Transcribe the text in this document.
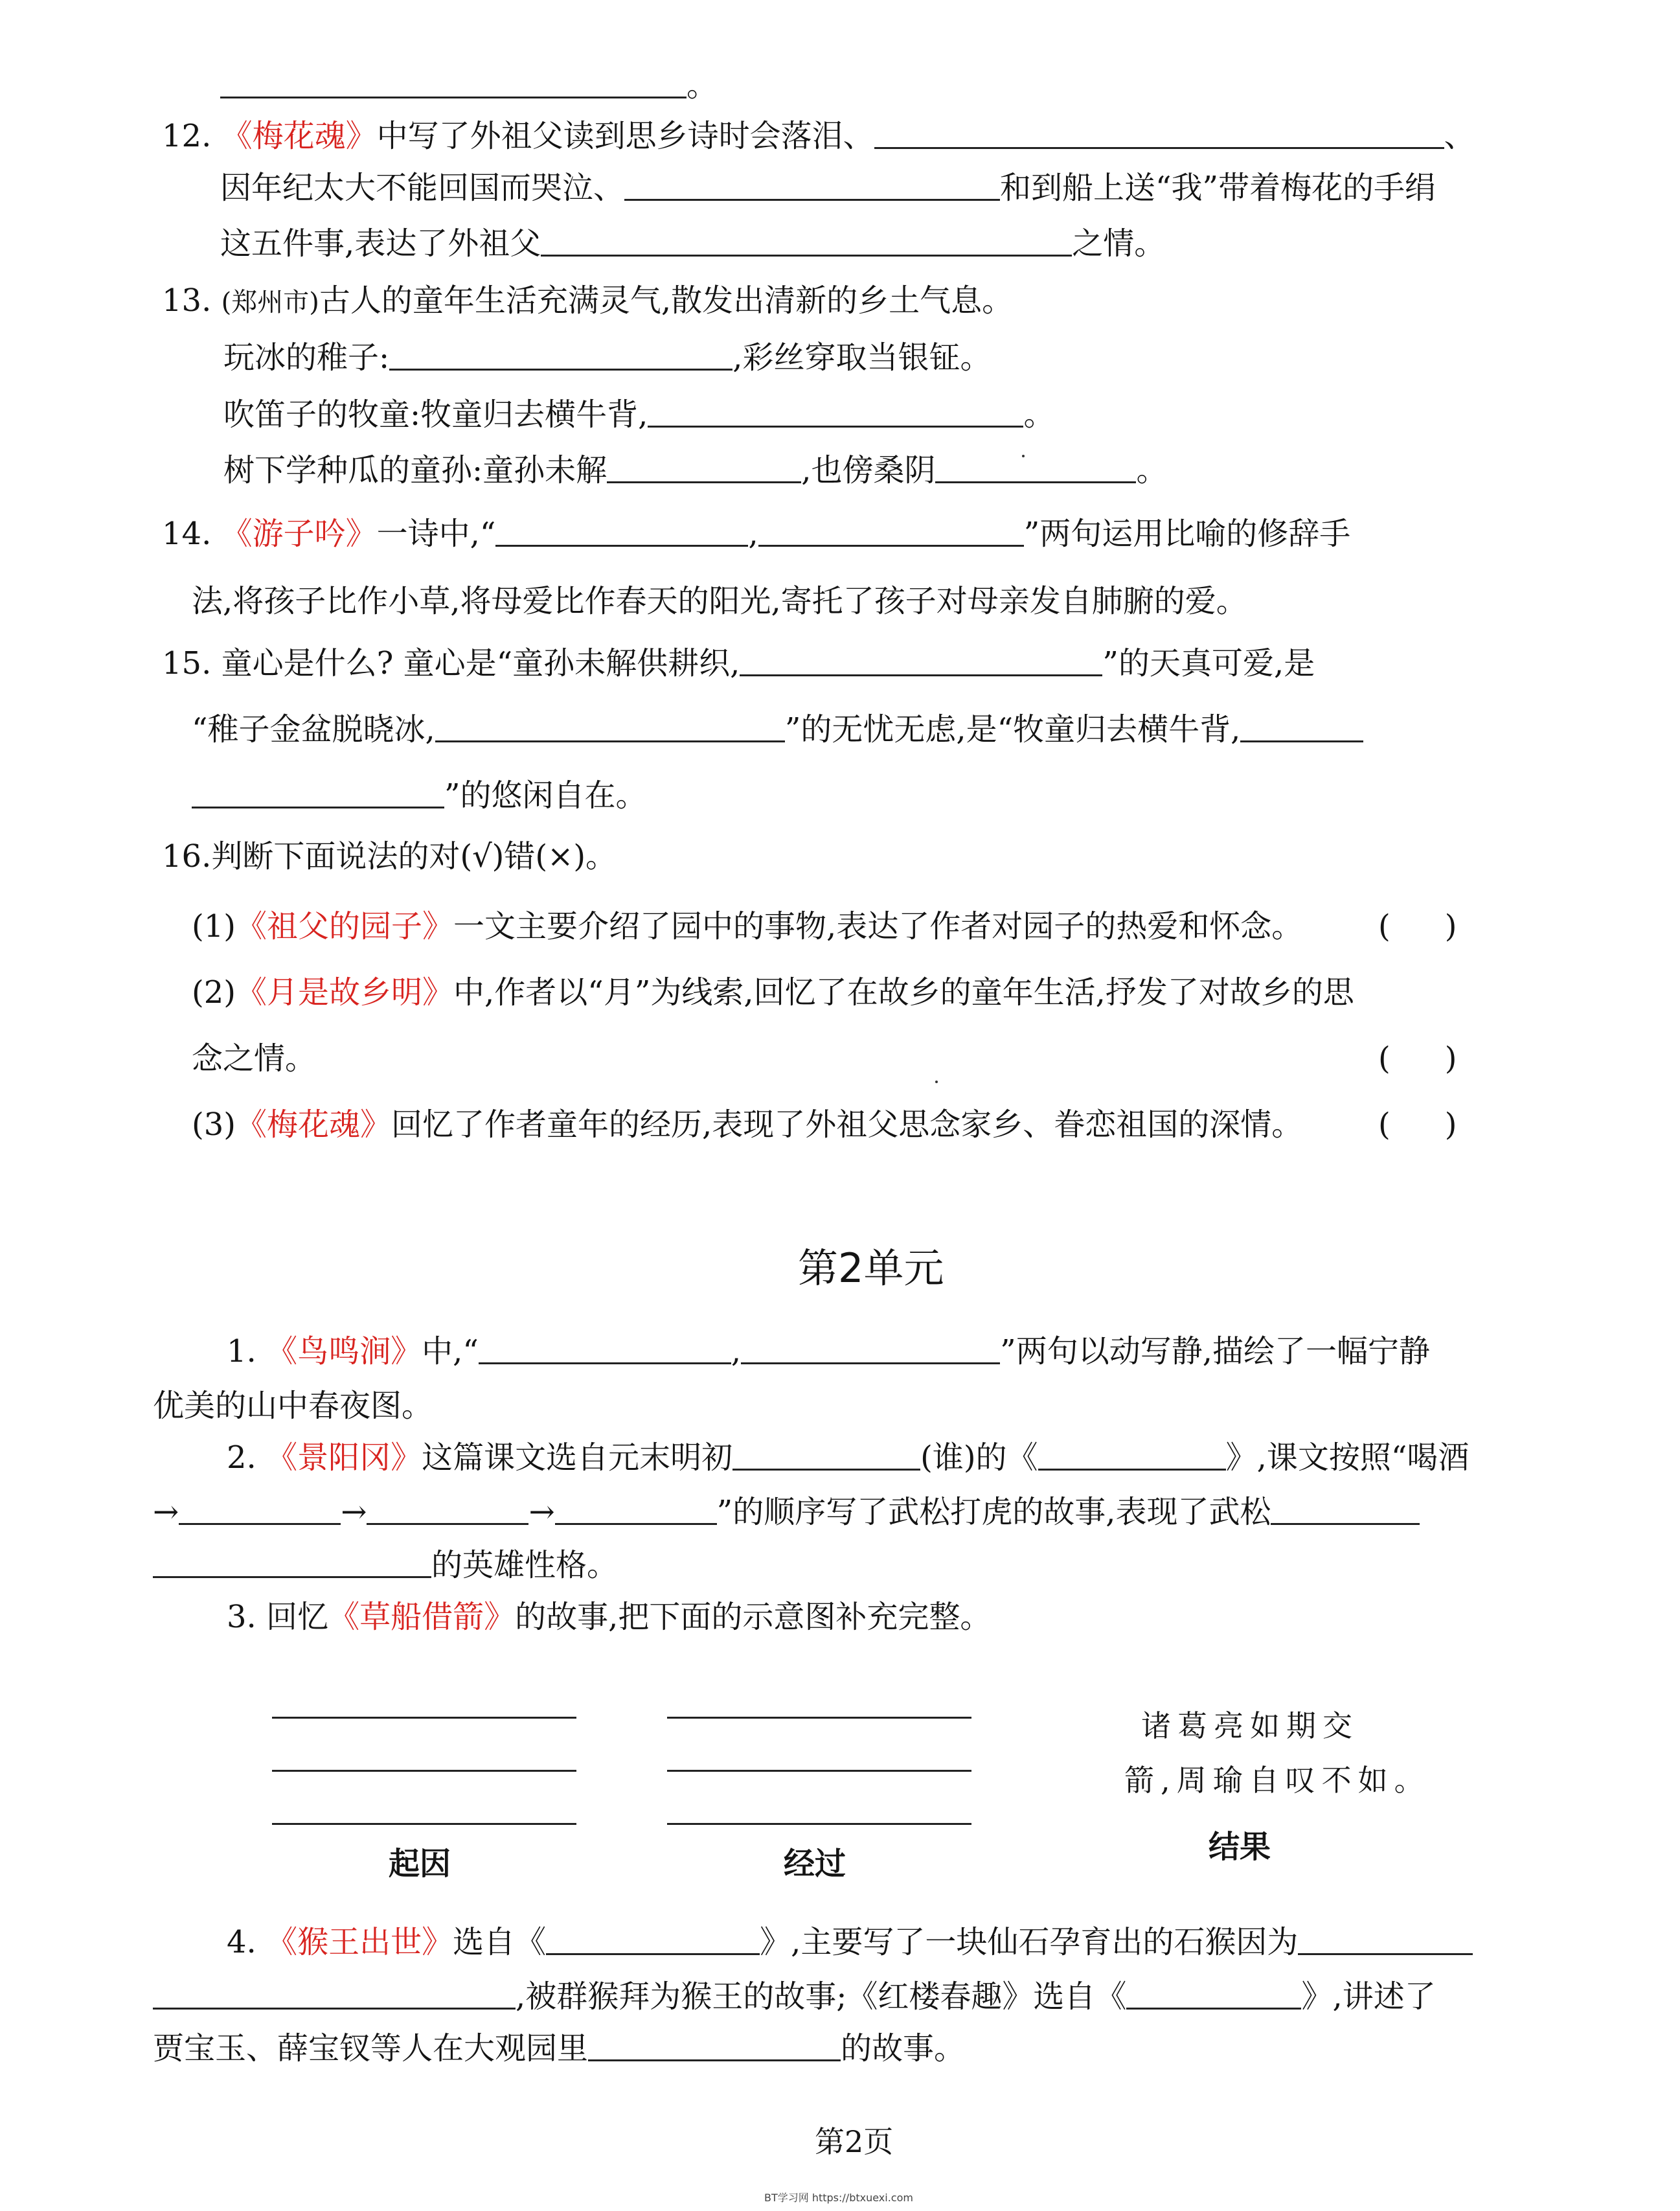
。
12. 《梅花魂》中写了外祖父读到思乡诗时会落泪、	、
因年纪太大不能回国而哭泣、	和到船上送“我”带着梅花的手绢
这五件事,表达了外祖父	之情。
13. (郑州市)古人的童年生活充满灵气,散发出清新的乡土气息。
玩冰的稚子:	,彩丝穿取当银钲。
吹笛子的牧童:牧童归去横牛背,	。
树下学种瓜的童孙:童孙未解	,也傍桑阴	。
14. 《游子吟》一诗中,“	,	”两句运用比喻的修辞手
法,将孩子比作小草,将母爱比作春天的阳光,寄托了孩子对母亲发自肺腑的爱。
15. 童心是什么? 童心是“童孙未解供耕织,	”的天真可爱,是
“稚子金盆脱晓冰,	”的无忧无虑,是“牧童归去横牛背,
”的悠闲自在。
16.判断下面说法的对(√)错(×)。
(1)《祖父的园子》一文主要介绍了园中的事物,表达了作者对园子的热爱和怀念。 ( )
(2)《月是故乡明》中,作者以“月”为线索,回忆了在故乡的童年生活,抒发了对故乡的思
念之情。	( )
(3)《梅花魂》回忆了作者童年的经历,表现了外祖父思念家乡、眷恋祖国的深情。 ( )
第2单元
1. 《鸟鸣涧》中,“	,	”两句以动写静,描绘了一幅宁静
优美的山中春夜图。
2. 《景阳冈》这篇课文选自元末明初	(谁)的《	》,课文按照“喝酒
→	→	→	”的顺序写了武松打虎的故事,表现了武松
的英雄性格。
3. 回忆《草船借箭》的故事,把下面的示意图补充完整。
起因	经过
诸葛亮如期交
箭,周瑜自叹不如。
结果
4. 《猴王出世》选自《	》,主要写了一块仙石孕育出的石猴因为
,被群猴拜为猴王的故事;《红楼春趣》选自《	》,讲述了
贾宝玉、薛宝钗等人在大观园里	的故事。
第2页
BT学习网 https://btxuexi.com
